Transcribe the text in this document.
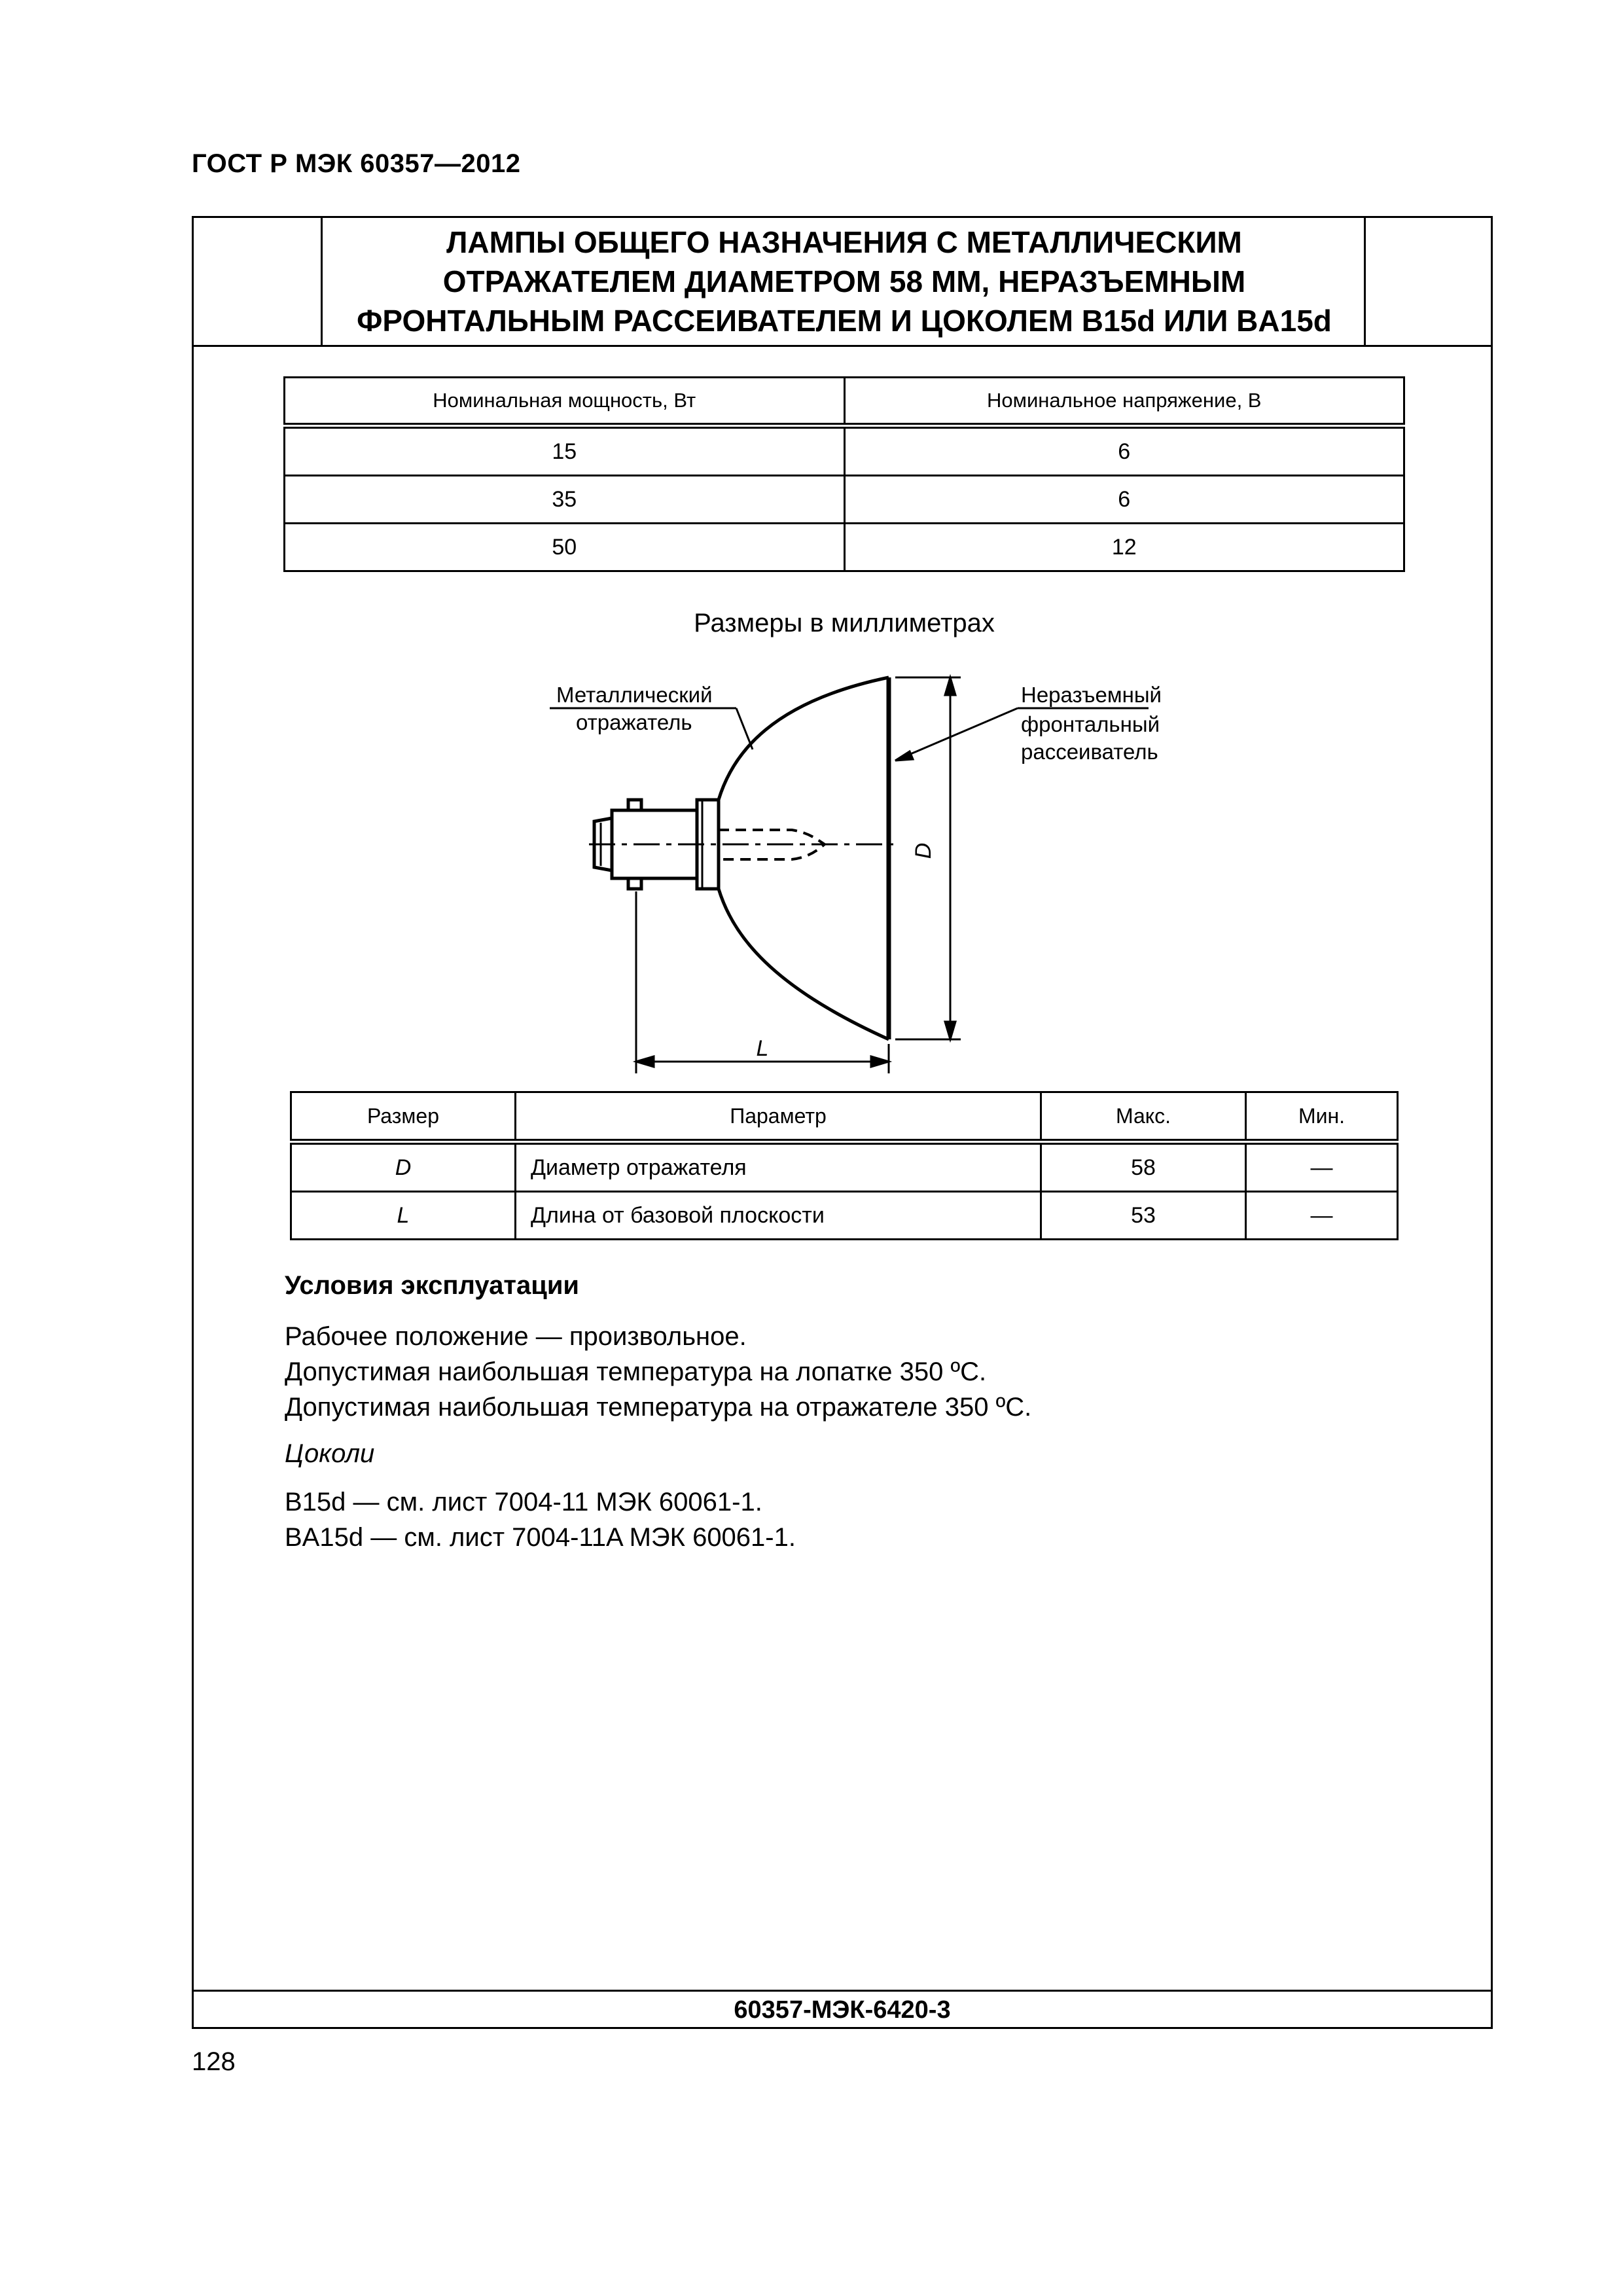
ГОСТ Р МЭК 60357—2012
ЛАМПЫ ОБЩЕГО НАЗНАЧЕНИЯ С МЕТАЛЛИЧЕСКИМ
ОТРАЖАТЕЛЕМ ДИАМЕТРОМ 58 ММ, НЕРАЗЪЕМНЫМ
ФРОНТАЛЬНЫМ РАССЕИВАТЕЛЕМ И ЦОКОЛЕМ B15d ИЛИ BA15d
Номинальная мощность, Вт	Номинальное напряжение, В
15	6
35	6
50	12
Размеры в миллиметрах
D
L
Металлический
отражатель
Неразъемный
фронтальный
рассеиватель
Размер	Параметр	Макс.	Мин.
D	Диаметр отражателя	58	—
L	Длина от базовой плоскости	53	—

Условия эксплуатации

Рабочее положение — произвольное.

Допустимая наибольшая температура на лопатке 350 ºC.

Допустимая наибольшая температура на отражателе 350 ºC.

Цоколи

B15d — см. лист 7004-11 МЭК 60061-1.

BA15d — см. лист 7004-11A МЭК 60061-1.

60357-МЭК-6420-3
128
